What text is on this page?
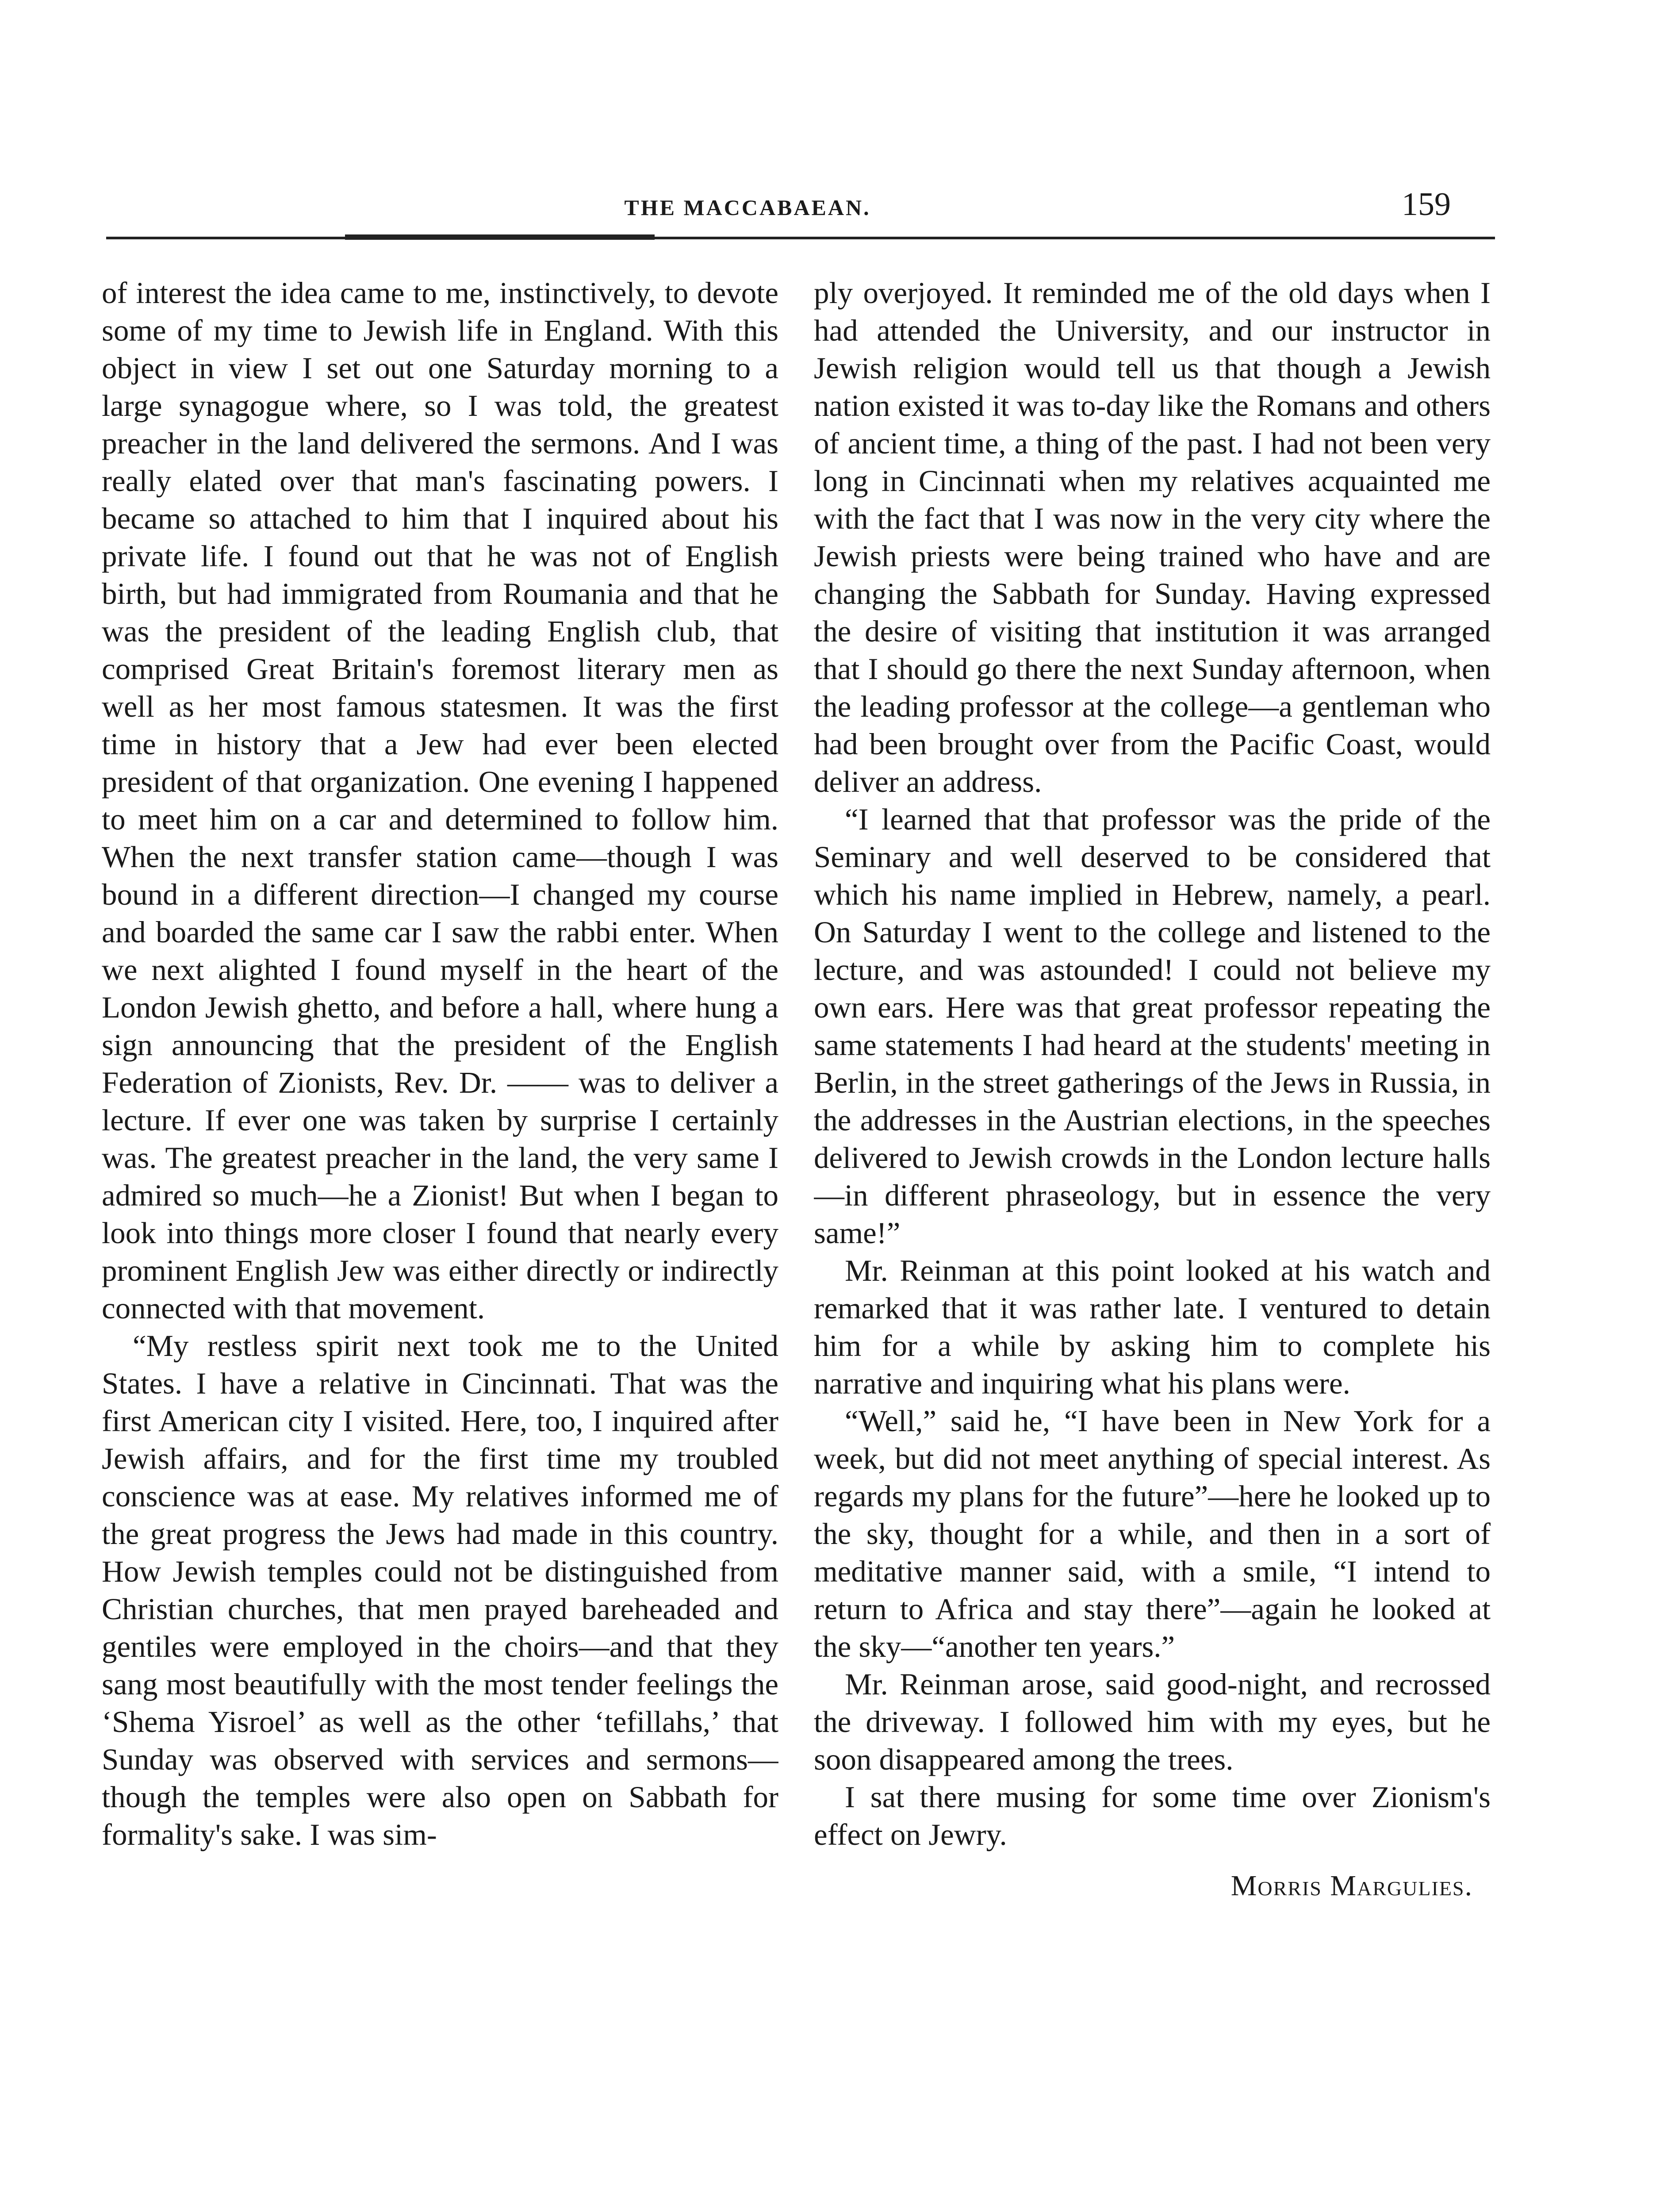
THE MACCABAEAN.	159

of interest the idea came to me, instinctively, to devote some of my time to Jewish life in England. With this object in view I set out one Saturday morning to a large synagogue where, so I was told, the greatest preacher in the land delivered the sermons. And I was really elated over that man's fascinating powers. I became so attached to him that I inquired about his private life. I found out that he was not of English birth, but had immigrated from Roumania and that he was the president of the leading English club, that comprised Great Britain's foremost literary men as well as her most famous statesmen. It was the first time in history that a Jew had ever been elected president of that organization. One evening I happened to meet him on a car and determined to follow him. When the next transfer station came—though I was bound in a different direction—I changed my course and boarded the same car I saw the rabbi enter. When we next alighted I found myself in the heart of the London Jewish ghetto, and before a hall, where hung a sign announcing that the president of the English Federation of Zionists, Rev. Dr. —— was to deliver a lecture. If ever one was taken by surprise I certainly was. The greatest preacher in the land, the very same I admired so much—he a Zionist! But when I began to look into things more closer I found that nearly every prominent English Jew was either directly or indirectly connected with that movement.

“My restless spirit next took me to the United States. I have a relative in Cincinnati. That was the first American city I visited. Here, too, I inquired after Jewish affairs, and for the first time my troubled conscience was at ease. My relatives informed me of the great progress the Jews had made in this country. How Jewish temples could not be distinguished from Christian churches, that men prayed bareheaded and gentiles were employed in the choirs—and that they sang most beautifully with the most tender feelings the ‘Shema Yisroel’ as well as the other ‘tefillahs,’ that Sunday was observed with services and sermons—though the temples were also open on Sabbath for formality's sake. I was sim-

ply overjoyed. It reminded me of the old days when I had attended the University, and our instructor in Jewish religion would tell us that though a Jewish nation existed it was to-day like the Romans and others of ancient time, a thing of the past. I had not been very long in Cincinnati when my relatives acquainted me with the fact that I was now in the very city where the Jewish priests were being trained who have and are changing the Sabbath for Sunday. Having expressed the desire of visiting that institution it was arranged that I should go there the next Sunday afternoon, when the leading professor at the college—a gentleman who had been brought over from the Pacific Coast, would deliver an address.

“I learned that that professor was the pride of the Seminary and well deserved to be considered that which his name implied in Hebrew, namely, a pearl. On Saturday I went to the college and listened to the lecture, and was astounded! I could not believe my own ears. Here was that great professor repeating the same statements I had heard at the students' meeting in Berlin, in the street gatherings of the Jews in Russia, in the addresses in the Austrian elections, in the speeches delivered to Jewish crowds in the London lecture halls—in different phraseology, but in essence the very same!”

Mr. Reinman at this point looked at his watch and remarked that it was rather late. I ventured to detain him for a while by asking him to complete his narrative and inquiring what his plans were.

“Well,” said he, “I have been in New York for a week, but did not meet anything of special interest. As regards my plans for the future”—here he looked up to the sky, thought for a while, and then in a sort of meditative manner said, with a smile, “I intend to return to Africa and stay there”—again he looked at the sky—“another ten years.”

Mr. Reinman arose, said good-night, and recrossed the driveway. I followed him with my eyes, but he soon disappeared among the trees.

I sat there musing for some time over Zionism's effect on Jewry.

Morris Margulies.
